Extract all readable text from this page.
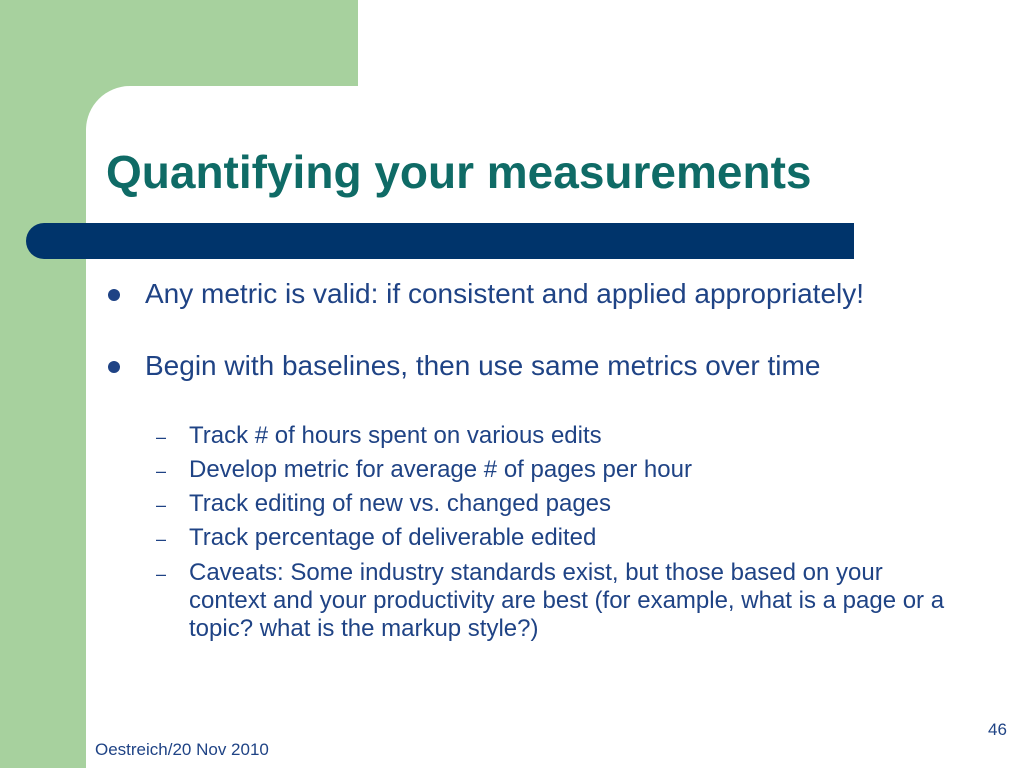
Quantifying your measurements

Any metric is valid: if consistent and applied appropriately!

Begin with baselines, then use same metrics over time

– Track # of hours spent on various edits

– Develop metric for average # of pages per hour

– Track editing of new vs. changed pages

– Track percentage of deliverable edited

– Caveats: Some industry standards exist, but those based on your context and your productivity are best (for example, what is a page or a topic? what is the markup style?)

Oestreich/20 Nov 2010
46
